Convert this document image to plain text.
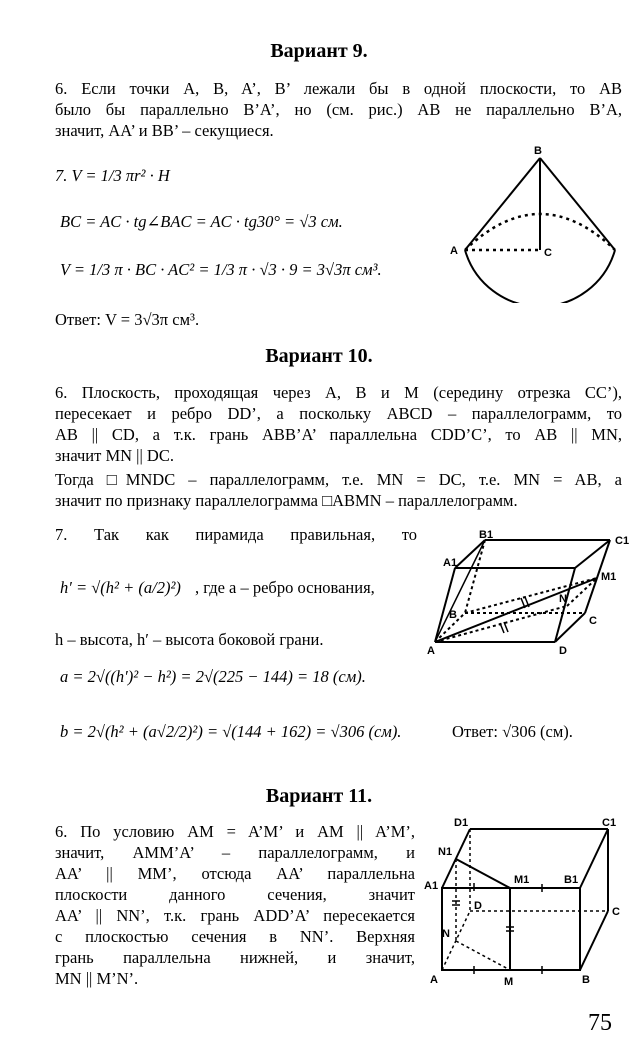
Вариант 9.
6. Если точки A, B, A’, B’ лежали бы в одной плоскости, то AB
было бы параллельно B’A’, но (см. рис.) AB не параллельно B’A,
значит, AA’ и BB’ – секущиеся.
7. V = 1/3 πr² · H
BC = AC · tg∠BAC = AC · tg30° = √3 см.
V = 1/3 π · BC · AC² = 1/3 π · √3 · 9 = 3√3π см³.
Ответ: V = 3√3π см³.
B
A	C
Вариант 10.
6. Плоскость, проходящая через A, B и M (середину отрезка CC’),
пересекает и ребро DD’, а поскольку ABCD – параллелограмм, то
AB || CD, а т.к. грань ABB’A’ параллельна CDD’C’, то AB || MN,
значит MN || DC.
Тогда □MNDC – параллелограмм, т.е. MN = DC, т.е. MN = AB, а
значит по признаку параллелограмма □ABMN – параллелограмм.
7. Так как пирамида правильная, то
h′ = √(h² + (a/2)²) , где a – ребро основания,
h – высота, h′ – высота боковой грани.
a = 2√((h′)² − h²) = 2√(225 − 144) = 18 (см).
b = 2√(h² + (a√2/2)²) = √(144 + 162) = √306 (см).	Ответ: √306 (см).
B1	C1
A1
M1
N
B	C
A	D
Вариант 11.
6. По условию AM = A’M’ и AM || A’M’,
значит, AMM’A’ – параллелограмм, и
AA’ || MM’, отсюда AA’ параллельна
плоскости данного сечения, значит
AA’ || NN’, т.к. грань ADD’A’ пересекается
с плоскостью сечения в NN’. Верхняя
грань параллельна нижней, и значит,
MN || M’N’.
D1	C1
N1
M1	B1
A1
D	C
N
A	M	B
75
